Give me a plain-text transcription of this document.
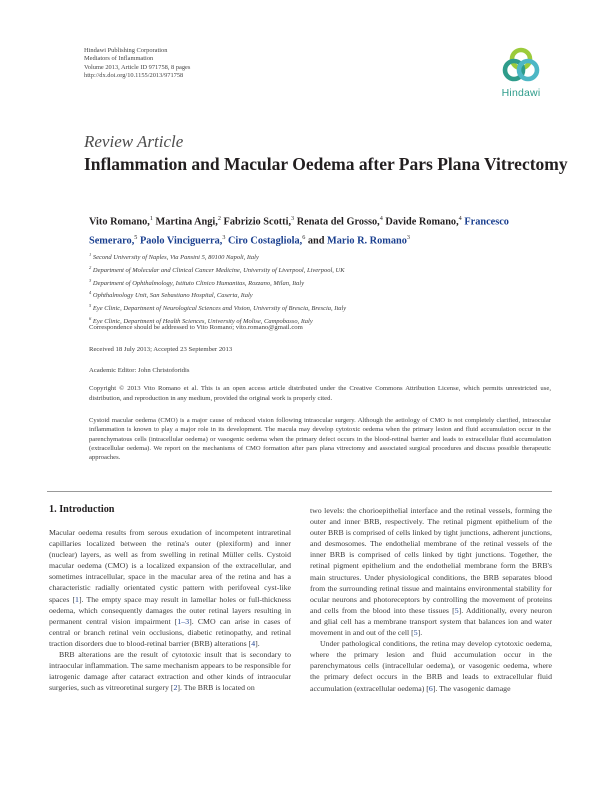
Hindawi Publishing Corporation
Mediators of Inflammation
Volume 2013, Article ID 971758, 8 pages
http://dx.doi.org/10.1155/2013/971758
Hindawi
Review Article
Inflammation and Macular Oedema after Pars Plana Vitrectomy
Vito Romano,$^1$ Martina Angi,$^2$ Fabrizio Scotti,$^3$ Renata del Grosso,$^4$ Davide Romano,$^4$ Francesco Semeraro,$^5$ Paolo Vinciguerra,$^3$ Ciro Costagliola,$^6$ and Mario R. Romano$^3$
$^1$ Second University of Naples, Via Pansini 5, 80100 Napoli, Italy
$^2$ Department of Molecular and Clinical Cancer Medicine, University of Liverpool, Liverpool, UK
$^3$ Department of Ophthalmology, Istituto Clinico Humanitas, Rozzano, Milan, Italy
$^4$ Ophthalmology Unit, San Sebastiano Hospital, Caserta, Italy
$^5$ Eye Clinic, Department of Neurological Sciences and Vision, University of Brescia, Brescia, Italy
$^6$ Eye Clinic, Department of Health Sciences, University of Molise, Campobasso, Italy
Correspondence should be addressed to Vito Romano; vito.romano@gmail.com
Received 18 July 2013; Accepted 23 September 2013
Academic Editor: John Christoforidis
Copyright © 2013 Vito Romano et al. This is an open access article distributed under the Creative Commons Attribution License, which permits unrestricted use, distribution, and reproduction in any medium, provided the original work is properly cited.
Cystoid macular oedema (CMO) is a major cause of reduced vision following intraocular surgery. Although the aetiology of CMO is not completely clarified, intraocular inflammation is known to play a major role in its development. The macula may develop cytotoxic oedema when the primary lesion and fluid accumulation occur in the parenchymatous cells (intracellular oedema) or vasogenic oedema when the primary defect occurs in the blood-retinal barrier and leads to extracellular fluid accumulation (extracellular oedema). We report on the mechanisms of CMO formation after pars plana vitrectomy and associated surgical procedures and discuss possible therapeutic approaches.
1. Introduction

Macular oedema results from serous exudation of incompetent intraretinal capillaries localized between the retina's outer (plexiform) and inner (nuclear) layers, as well as from swelling in retinal Müller cells. Cystoid macular oedema (CMO) is a localized expansion of the extracellular, and sometimes intracellular, space in the macular area of the retina and has a characteristic radially orientated cystic pattern with perifoveal cyst-like spaces [1]. The empty space may result in lamellar holes or full-thickness oedema, which consequently damages the outer retinal layers resulting in permanent central vision impairment [1–3]. CMO can arise in cases of central or branch retinal vein occlusions, diabetic retinopathy, and retinal traction disorders due to blood-retinal barrier (BRB) alterations [4].

BRB alterations are the result of cytotoxic insult that is secondary to intraocular inflammation. The same mechanism appears to be responsible for iatrogenic damage after cataract extraction and other kinds of intraocular surgeries, such as vitreoretinal surgery [2]. The BRB is located on

two levels: the chorioepithelial interface and the retinal vessels, forming the outer and inner BRB, respectively. The retinal pigment epithelium of the outer BRB is comprised of cells linked by tight junctions, adherent junctions, and desmosomes. The endothelial membrane of the retinal vessels of the inner BRB is comprised of cells linked by tight junctions. Together, the retinal pigment epithelium and the endothelial membrane form the BRB's main structures. Under physiological conditions, the BRB separates blood from the surrounding retinal tissue and maintains environmental stability for ocular neurons and photoreceptors by controlling the movement of proteins and cells from the blood into these tissues [5]. Additionally, every neuron and glial cell has a membrane transport system that balances ion and water movement in and out of the cell [5].

Under pathological conditions, the retina may develop cytotoxic oedema, where the primary lesion and fluid accumulation occur in the parenchymatous cells (intracellular oedema), or vasogenic oedema, where the primary defect occurs in the BRB and leads to extracellular fluid accumulation (extracellular oedema) [6]. The vasogenic damage
